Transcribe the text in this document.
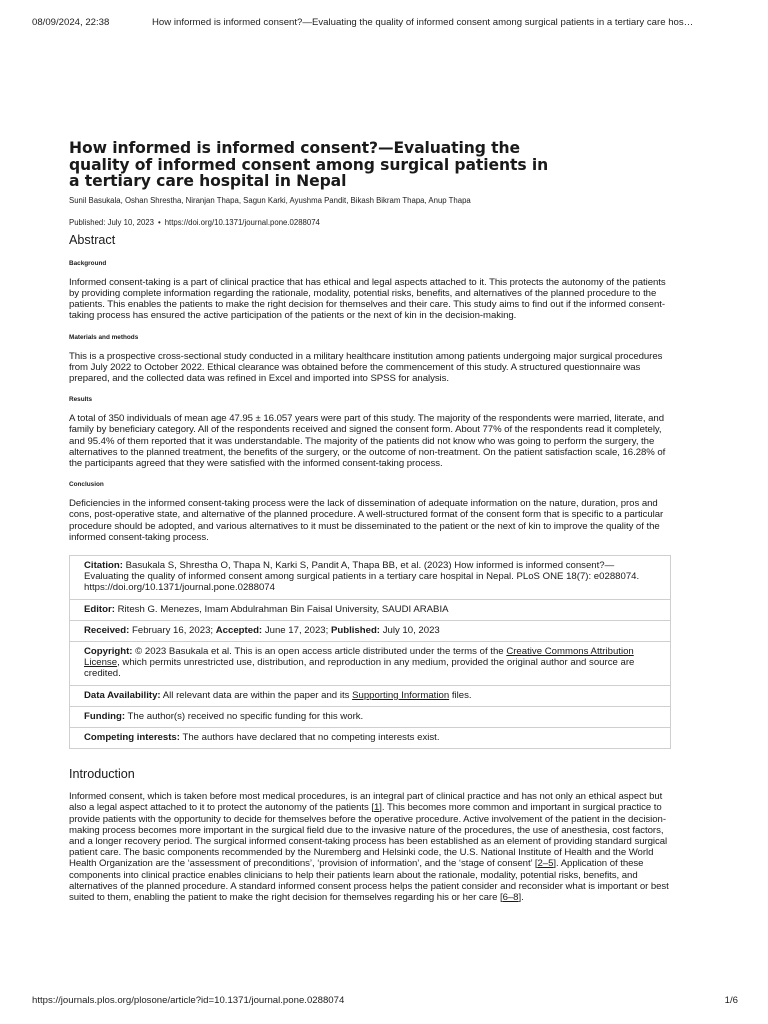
08/09/2024, 22:38	How informed is informed consent?—Evaluating the quality of informed consent among surgical patients in a tertiary care hos…
How informed is informed consent?—Evaluating the quality of informed consent among surgical patients in a tertiary care hospital in Nepal
Sunil Basukala , Oshan Shrestha , Niranjan Thapa , Sagun Karki , Ayushma Pandit , Bikash Bikram Thapa , Anup Thapa
Published: July 10, 2023 • https://doi.org/10.1371/journal.pone.0288074
Abstract
Background

Informed consent-taking is a part of clinical practice that has ethical and legal aspects attached to it. This protects the autonomy of the patients by providing complete information regarding the rationale, modality, potential risks, benefits, and alternatives of the planned procedure to the patients. This enables the patients to make the right decision for themselves and their care. This study aims to find out if the informed consent-taking process has ensured the active participation of the patients or the next of kin in the decision-making.

Materials and methods

This is a prospective cross-sectional study conducted in a military healthcare institution among patients undergoing major surgical procedures from July 2022 to October 2022. Ethical clearance was obtained before the commencement of this study. A structured questionnaire was prepared, and the collected data was refined in Excel and imported into SPSS for analysis.

Results

A total of 350 individuals of mean age 47.95 ± 16.057 years were part of this study. The majority of the respondents were married, literate, and family by beneficiary category. All of the respondents received and signed the consent form. About 77% of the respondents read it completely, and 95.4% of them reported that it was understandable. The majority of the patients did not know who was going to perform the surgery, the alternatives to the planned treatment, the benefits of the surgery, or the outcome of non-treatment. On the patient satisfaction scale, 16.28% of the participants agreed that they were satisfied with the informed consent-taking process.

Conclusion

Deficiencies in the informed consent-taking process were the lack of dissemination of adequate information on the nature, duration, pros and cons, post-operative state, and alternative of the planned procedure. A well-structured format of the consent form that is specific to a particular procedure should be adopted, and various alternatives to it must be disseminated to the patient or the next of kin to improve the quality of the informed consent-taking process.

Citation: Basukala S, Shrestha O, Thapa N, Karki S, Pandit A, Thapa BB, et al. (2023) How informed is informed consent?—Evaluating the quality of informed consent among surgical patients in a tertiary care hospital in Nepal. PLoS ONE 18(7): e0288074. https://doi.org/10.1371/journal.pone.0288074
Editor: Ritesh G. Menezes, Imam Abdulrahman Bin Faisal University, SAUDI ARABIA
Received: February 16, 2023; Accepted: June 17, 2023; Published: July 10, 2023
Copyright: © 2023 Basukala et al. This is an open access article distributed under the terms of the Creative Commons Attribution License, which permits unrestricted use, distribution, and reproduction in any medium, provided the original author and source are credited.
Data Availability: All relevant data are within the paper and its Supporting Information files.
Funding: The author(s) received no specific funding for this work.
Competing interests: The authors have declared that no competing interests exist.
Introduction

Informed consent, which is taken before most medical procedures, is an integral part of clinical practice and has not only an ethical aspect but also a legal aspect attached to it to protect the autonomy of the patients [1]. This becomes more common and important in surgical practice to provide patients with the opportunity to decide for themselves before the operative procedure. Active involvement of the patient in the decision-making process becomes more important in the surgical field due to the invasive nature of the procedures, the use of anesthesia, cost factors, and a longer recovery period. The surgical informed consent-taking process has been established as an element of providing standard surgical patient care. The basic components recommended by the Nuremberg and Helsinki code, the U.S. National Institute of Health and the World Health Organization are the ‘assessment of preconditions’, ‘provision of information’, and the ‘stage of consent’ [2–5]. Application of these components into clinical practice enables clinicians to help their patients learn about the rationale, modality, potential risks, benefits, and alternatives of the planned procedure. A standard informed consent process helps the patient consider and reconsider what is important or best suited to them, enabling the patient to make the right decision for themselves regarding his or her care [6–8].

https://journals.plos.org/plosone/article?id=10.1371/journal.pone.0288074	1/6
